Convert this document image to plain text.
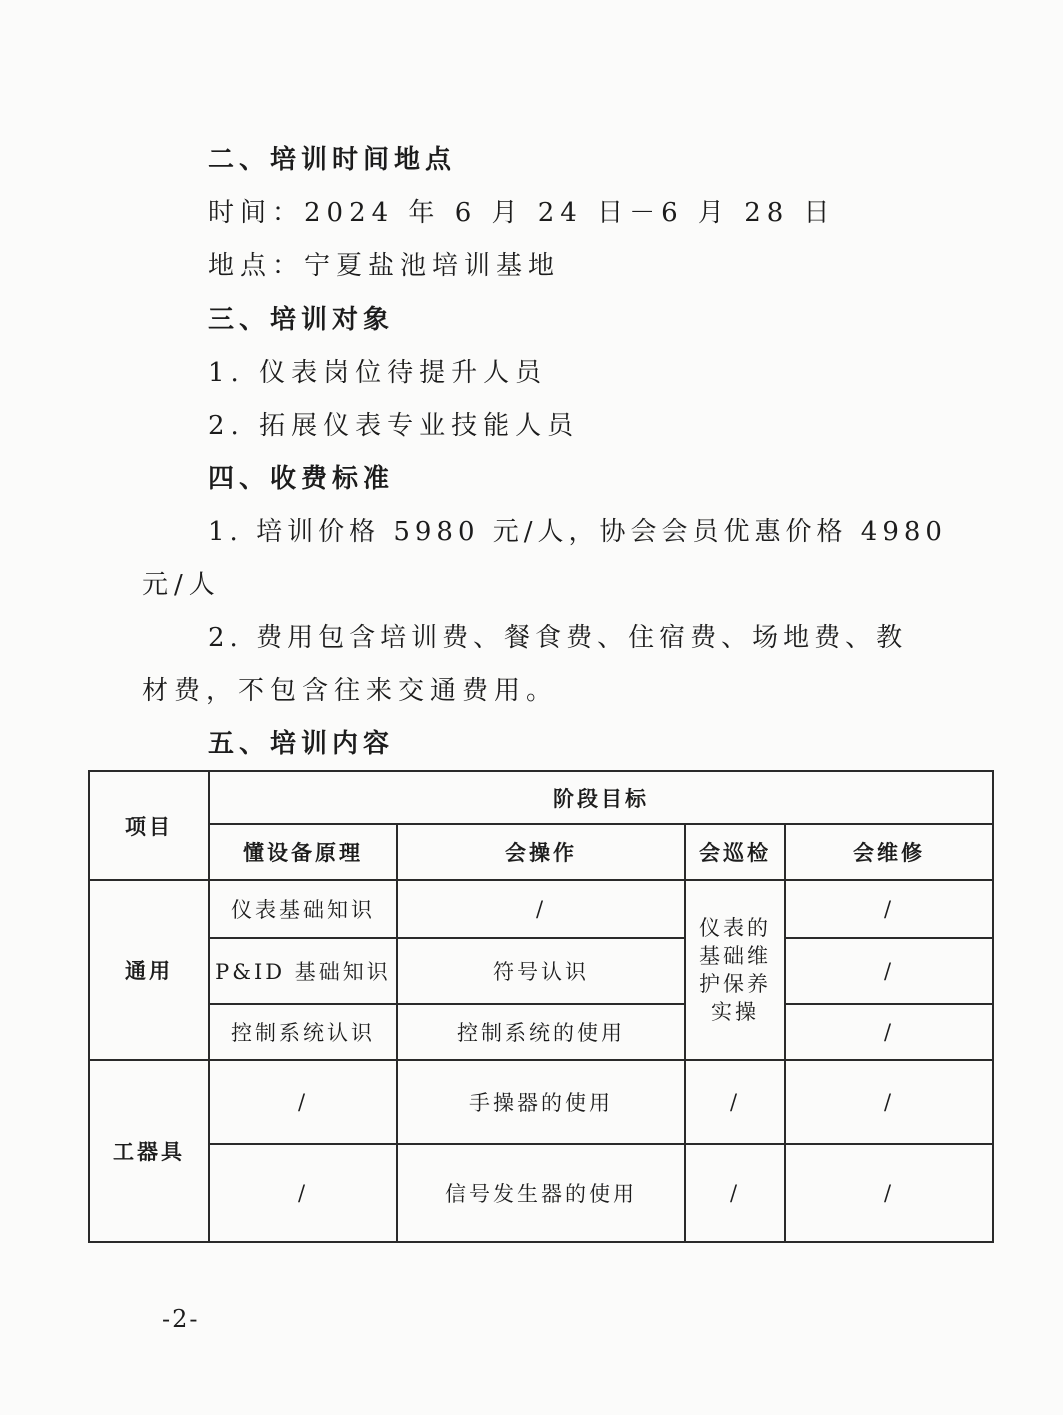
二、培训时间地点
时间：2024 年 6 月 24 日－6 月 28 日
地点：宁夏盐池培训基地
三、培训对象
1. 仪表岗位待提升人员
2. 拓展仪表专业技能人员
四、收费标准
1. 培训价格 5980 元/人，协会会员优惠价格 4980
元/人
2. 费用包含培训费、餐食费、住宿费、场地费、教
材费，不包含往来交通费用。
五、培训内容
项目	阶段目标			
	懂设备原理	会操作	会巡检	会维修
通用	仪表基础知识	/	仪表的
基础维
护保养
实操	/
	P&ID 基础知识	符号认识		/
	控制系统认识	控制系统的使用		/
工器具	/	手操器的使用	/	/
	/	信号发生器的使用	/	/
-2-
